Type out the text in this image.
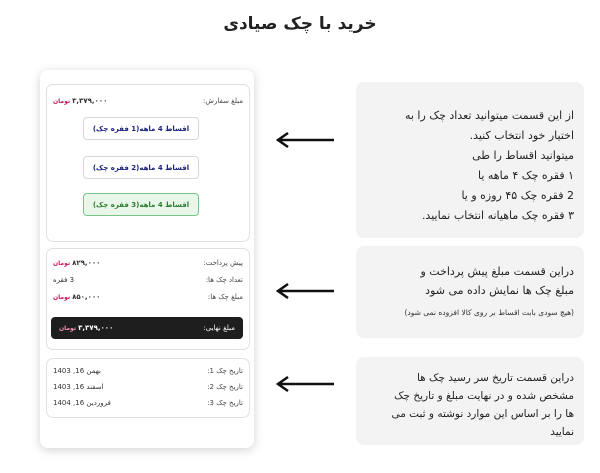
خرید با چک صیادی
مبلغ سفارش:
۳,۳۷۹,۰۰۰تومان
اقساط 4 ماهه(1 فقره چک)
اقساط 4 ماهه(2 فقره چک)
اقساط 4 ماهه(3 فقره چک)
پیش پرداخت:
۸۲۹,۰۰۰تومان
تعداد چک ها:
3 فقره
مبلغ چک ها:
۸۵۰,۰۰۰تومان
مبلغ نهایی:
۳,۳۷۹,۰۰۰تومان
تاریخ چک 1:
بهمن 16, 1403
تاریخ چک 2:
اسفند 16, 1403
تاریخ چک 3:
فروردین 16, 1404
از این قسمت میتوانید تعداد چک را به
اختیار خود انتخاب کنید.
میتوانید اقساط را طی
۱ فقره چک ۴ ماهه یا
2 فقره چک ۴۵ روزه و یا
۳ فقره چک ماهیانه انتخاب نمایید.
دراین قسمت مبلغ پیش پرداخت و
مبلغ چک ها نمایش داده می شود
(هیچ سودی بابت اقساط بر روی کالا افزوده نمی شود)
دراین قسمت تاریخ سر رسید چک ها
مشخص شده و در نهایت مبلغ و تاریخ چک
ها را بر اساس این موارد نوشته و ثبت می
نمایید
